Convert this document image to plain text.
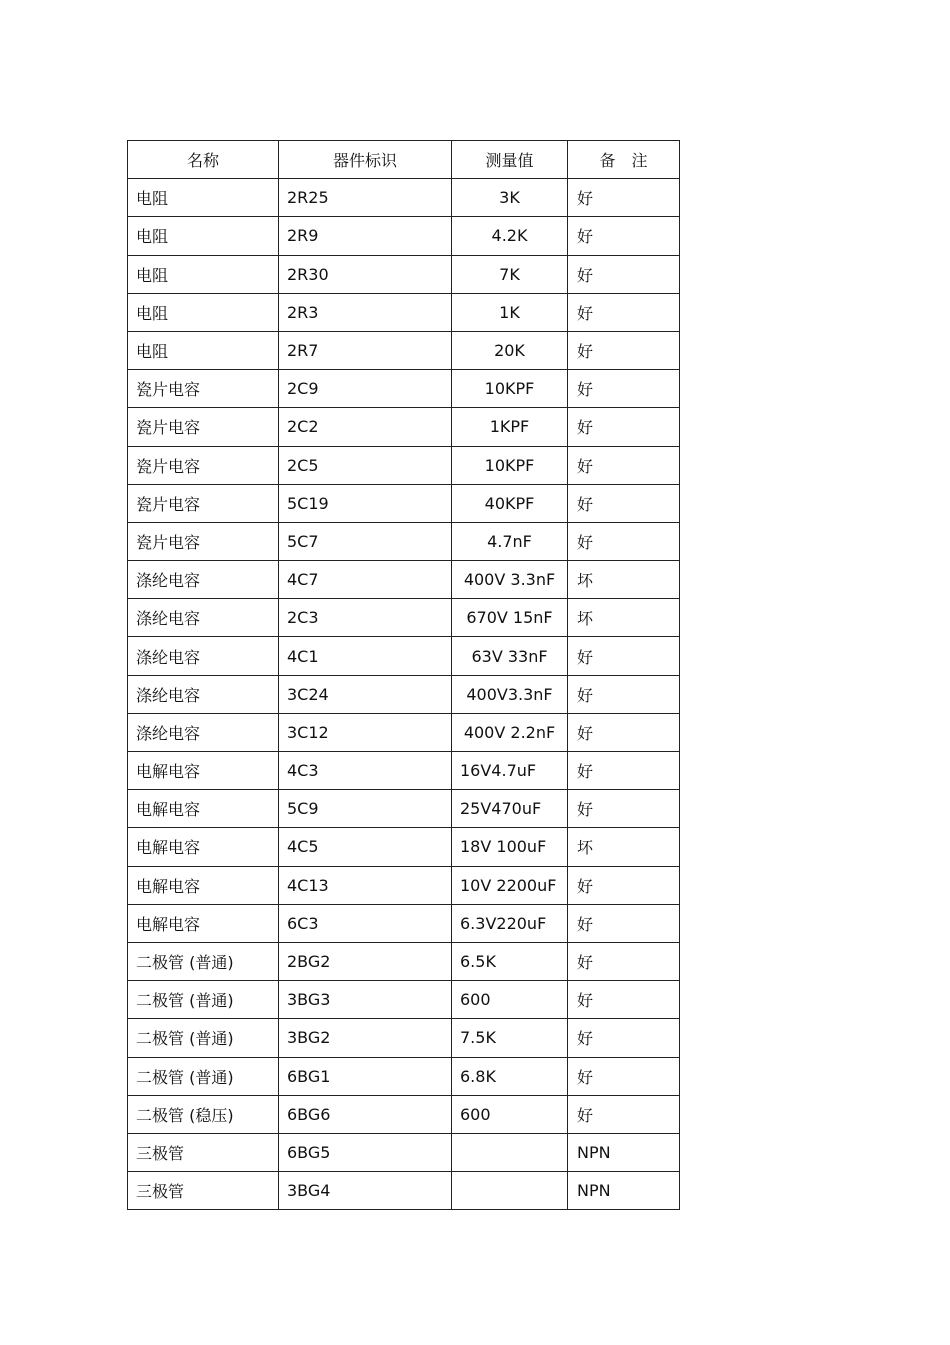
名称	器件标识	测量值	备　注
电阻	2R25	3K	好
电阻	2R9	4.2K	好
电阻	2R30	7K	好
电阻	2R3	1K	好
电阻	2R7	20K	好
瓷片电容	2C9	10KPF	好
瓷片电容	2C2	1KPF	好
瓷片电容	2C5	10KPF	好
瓷片电容	5C19	40KPF	好
瓷片电容	5C7	4.7nF	好
涤纶电容	4C7	400V 3.3nF	坏
涤纶电容	2C3	670V 15nF	坏
涤纶电容	4C1	63V 33nF	好
涤纶电容	3C24	400V3.3nF	好
涤纶电容	3C12	400V 2.2nF	好
电解电容	4C3	16V4.7uF	好
电解电容	5C9	25V470uF	好
电解电容	4C5	18V 100uF	坏
电解电容	4C13	10V 2200uF	好
电解电容	6C3	6.3V220uF	好
二极管 (普通)	2BG2	6.5K	好
二极管 (普通)	3BG3	600	好
二极管 (普通)	3BG2	7.5K	好
二极管 (普通)	6BG1	6.8K	好
二极管 (稳压)	6BG6	600	好
三极管	6BG5		NPN
三极管	3BG4		NPN
